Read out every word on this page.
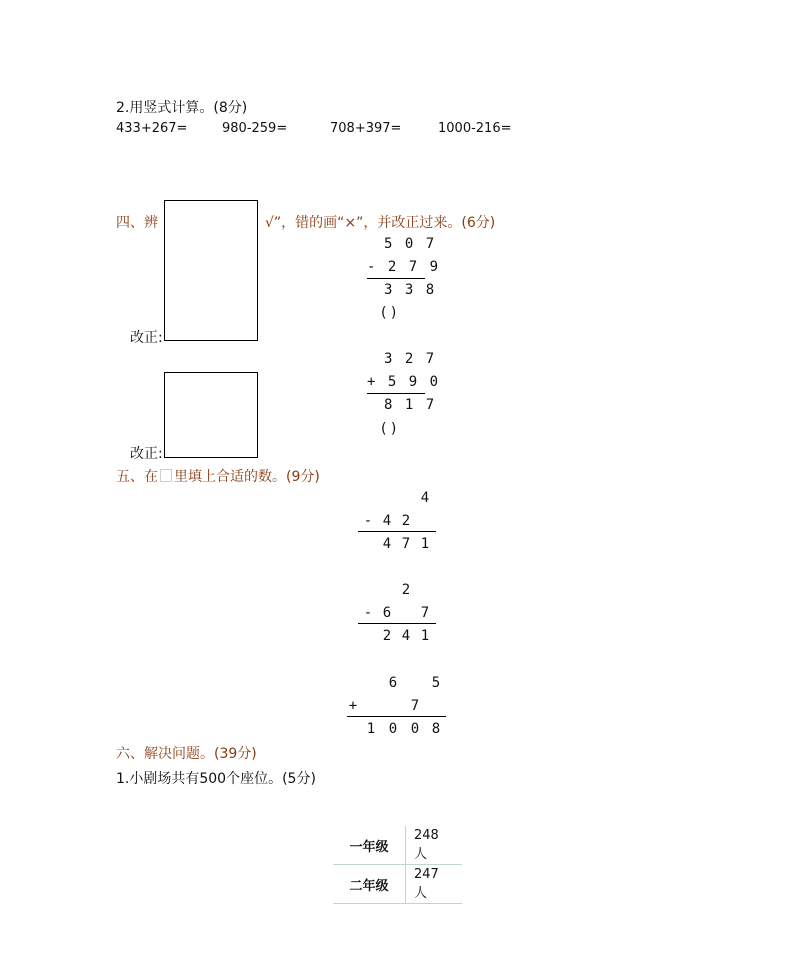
2.用竖式计算。(8分)
433+267=	980-259=	708+397=	1000-216=
四、辨	√”，错的画“×”，并改正过来。(6分)
改正:
5 0 7
- 2 7 9
3 3 8
( )
改正:
3 2 7
+ 5 9 0
8 1 7
( )
五、在 里填上合适的数。(9分)
4
- 4 2
4 7 1
2
- 6	7
2 4 1
6	5
+	7
1 0 0 8
六、解决问题。(39分)
1.小剧场共有500个座位。(5分)
一年级	248 人
二年级	247 人
